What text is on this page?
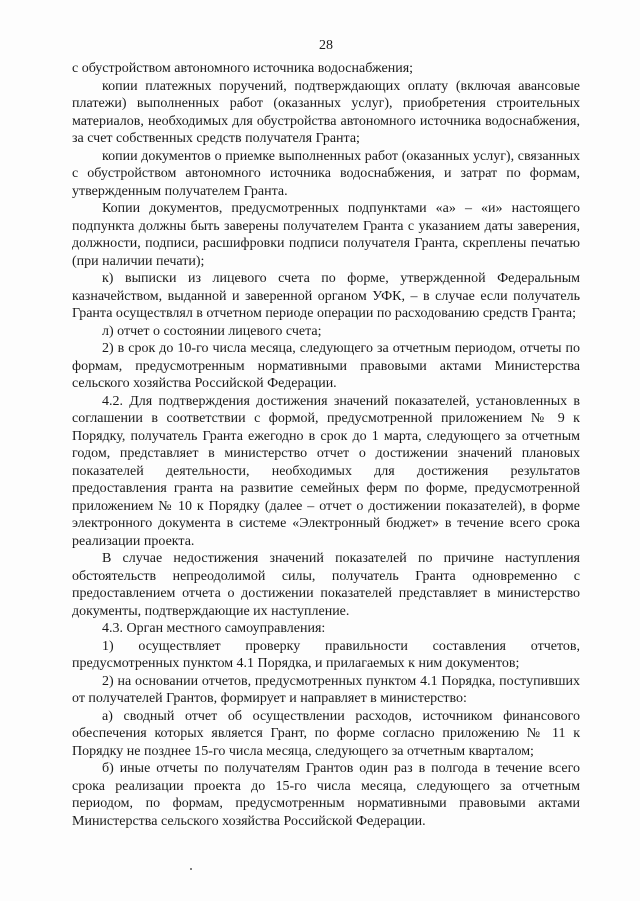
28

с обустройством автономного источника водоснабжения;

копии платежных поручений, подтверждающих оплату (включая авансовые платежи) выполненных работ (оказанных услуг), приобретения строительных материалов, необходимых для обустройства автономного источника водоснабжения, за счет собственных средств получателя Гранта;

копии документов о приемке выполненных работ (оказанных услуг), связанных с обустройством автономного источника водоснабжения, и затрат по формам, утвержденным получателем Гранта.

Копии документов, предусмотренных подпунктами «а» – «и» настоящего подпункта должны быть заверены получателем Гранта с указанием даты заверения, должности, подписи, расшифровки подписи получателя Гранта, скреплены печатью (при наличии печати);

к) выписки из лицевого счета по форме, утвержденной Федеральным казначейством, выданной и заверенной органом УФК, – в случае если получатель Гранта осуществлял в отчетном периоде операции по расходованию средств Гранта;

л) отчет о состоянии лицевого счета;

2) в срок до 10-го числа месяца, следующего за отчетным периодом, отчеты по формам, предусмотренным нормативными правовыми актами Министерства сельского хозяйства Российской Федерации.

4.2. Для подтверждения достижения значений показателей, установленных в соглашении в соответствии с формой, предусмотренной приложением № 9 к Порядку, получатель Гранта ежегодно в срок до 1 марта, следующего за отчетным годом, представляет в министерство отчет о достижении значений плановых показателей деятельности, необходимых для достижения результатов предоставления гранта на развитие семейных ферм по форме, предусмотренной приложением № 10 к Порядку (далее – отчет о достижении показателей), в форме электронного документа в системе «Электронный бюджет» в течение всего срока реализации проекта.

В случае недостижения значений показателей по причине наступления обстоятельств непреодолимой силы, получатель Гранта одновременно с предоставлением отчета о достижении показателей представляет в министерство документы, подтверждающие их наступление.

4.3. Орган местного самоуправления:

1) осуществляет проверку правильности составления отчетов, предусмотренных пунктом 4.1 Порядка, и прилагаемых к ним документов;

2) на основании отчетов, предусмотренных пунктом 4.1 Порядка, поступивших от получателей Грантов, формирует и направляет в министерство:

а) сводный отчет об осуществлении расходов, источником финансового обеспечения которых является Грант, по форме согласно приложению № 11 к Порядку не позднее 15-го числа месяца, следующего за отчетным кварталом;

б) иные отчеты по получателям Грантов один раз в полгода в течение всего срока реализации проекта до 15-го числа месяца, следующего за отчетным периодом, по формам, предусмотренным нормативными правовыми актами Министерства сельского хозяйства Российской Федерации.
